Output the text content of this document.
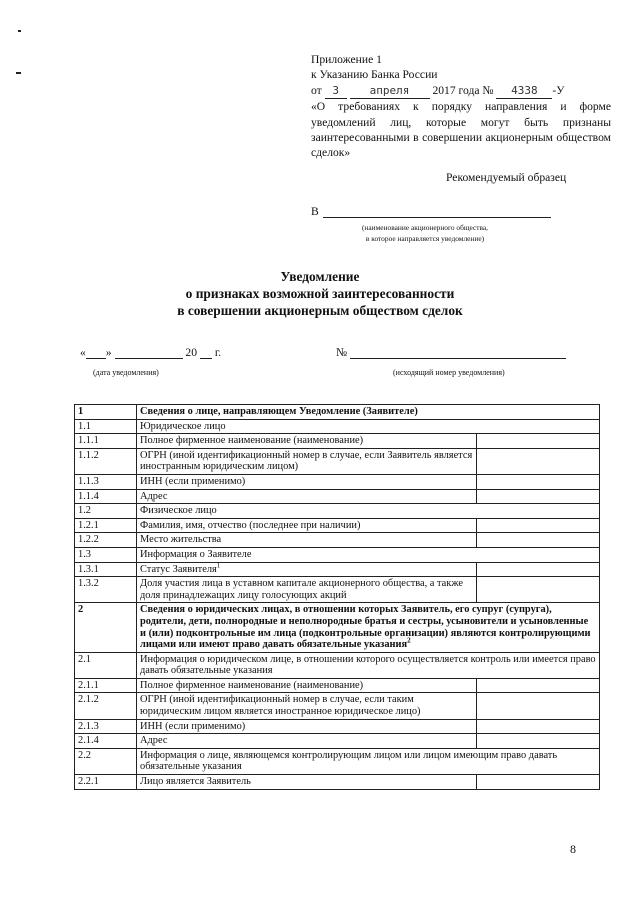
Приложение 1
к Указанию Банка России
от 3	апреля 2017 года № 4338 -У
«О требованиях к порядку направления и форме уведомлений лиц, которые могут быть признаны заинтересованными в совершении акционерным обществом сделок»
Рекомендуемый образец
В
(наименование акционерного общества,
в которое направляется уведомление)
Уведомление
о признаках возможной заинтересованности
в совершении акционерным обществом сделок
« »	20 г.	№
(дата уведомления)	(исходящий номер уведомления)
1	Сведения о лице, направляющем Уведомление (Заявителе)	
1.1	Юридическое лицо	
1.1.1	Полное фирменное наименование (наименование)	
1.1.2	ОГРН (иной идентификационный номер в случае, если Заявитель является иностранным юридическим лицом)	
1.1.3	ИНН (если применимо)	
1.1.4	Адрес	
1.2	Физическое лицо	
1.2.1	Фамилия, имя, отчество (последнее при наличии)	
1.2.2	Место жительства	
1.3	Информация о Заявителе	
1.3.1	Статус Заявителя$^1$	
1.3.2	Доля участия лица в уставном капитале акционерного общества, а также доля принадлежащих лицу голосующих акций	
2	Сведения о юридических лицах, в отношении которых Заявитель, его супруг (супруга), родители, дети, полнородные и неполнородные братья и сестры, усыновители и усыновленные и (или) подконтрольные им лица (подконтрольные организации) являются контролирующими лицами или имеют право давать обязательные указания$^2$
2.1	Информация о юридическом лице, в отношении которого осуществляется контроль или имеется право давать обязательные указания	
2.1.1	Полное фирменное наименование (наименование)	
2.1.2	ОГРН (иной идентификационный номер в случае, если таким юридическим лицом является иностранное юридическое лицо)	
2.1.3	ИНН (если применимо)	
2.1.4	Адрес	
2.2	Информация о лице, являющемся контролирующим лицом или лицом имеющим право давать обязательные указания	
2.2.1	Лицо является Заявитель	
8
